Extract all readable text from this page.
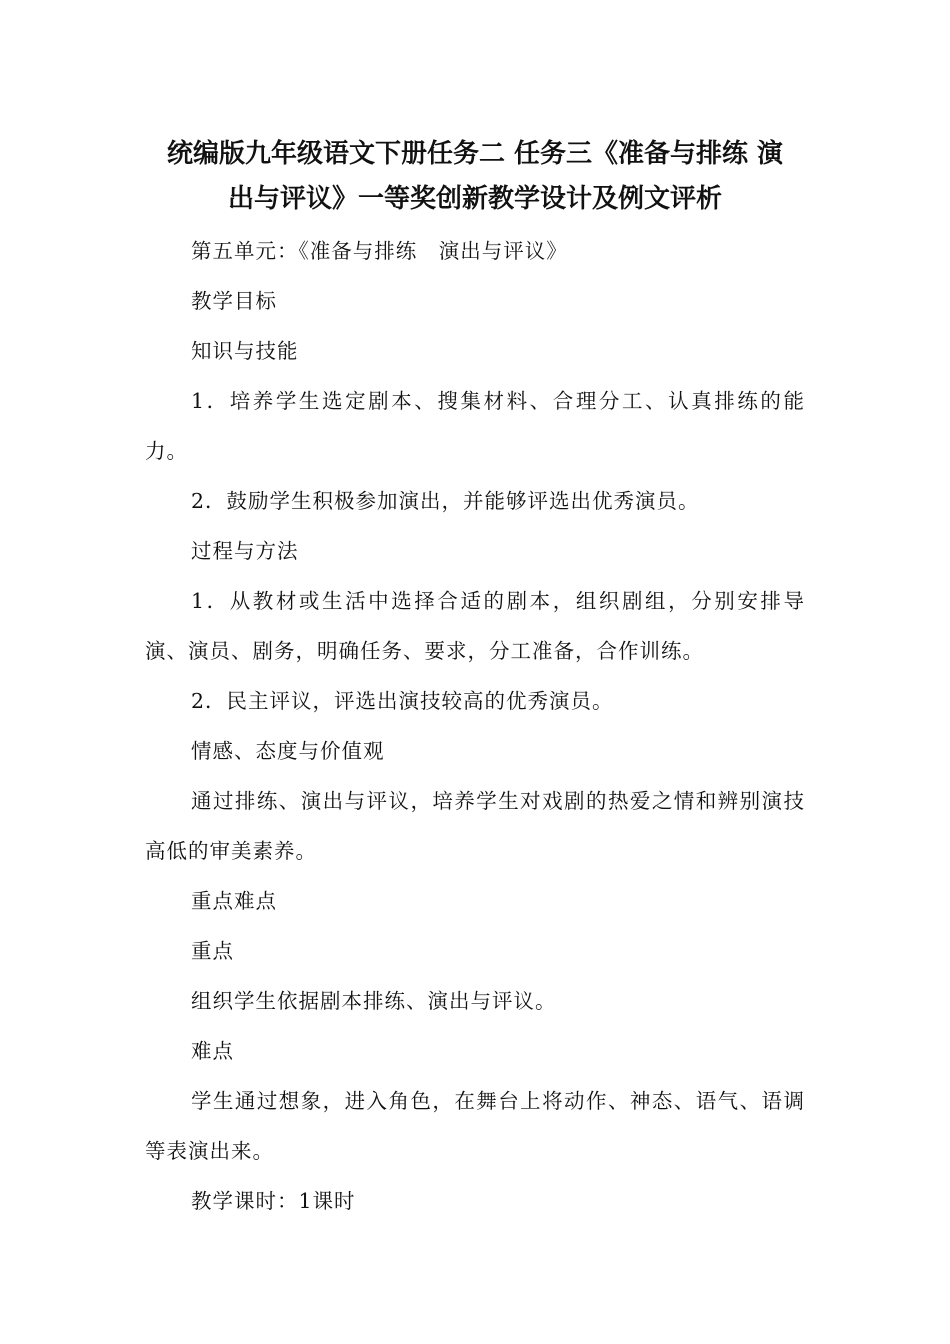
统编版九年级语文下册任务二 任务三《准备与排练 演
出与评议》一等奖创新教学设计及例文评析

第五单元：《准备与排练　演出与评议》

教学目标

知识与技能

1．培养学生选定剧本、搜集材料、合理分工、认真排练的能力。

2．鼓励学生积极参加演出，并能够评选出优秀演员。

过程与方法

1．从教材或生活中选择合适的剧本，组织剧组，分别安排导演、演员、剧务，明确任务、要求，分工准备，合作训练。

2．民主评议，评选出演技较高的优秀演员。

情感、态度与价值观

通过排练、演出与评议，培养学生对戏剧的热爱之情和辨别演技高低的审美素养。

重点难点

重点

组织学生依据剧本排练、演出与评议。

难点

学生通过想象，进入角色，在舞台上将动作、神态、语气、语调等表演出来。

教学课时：1课时
